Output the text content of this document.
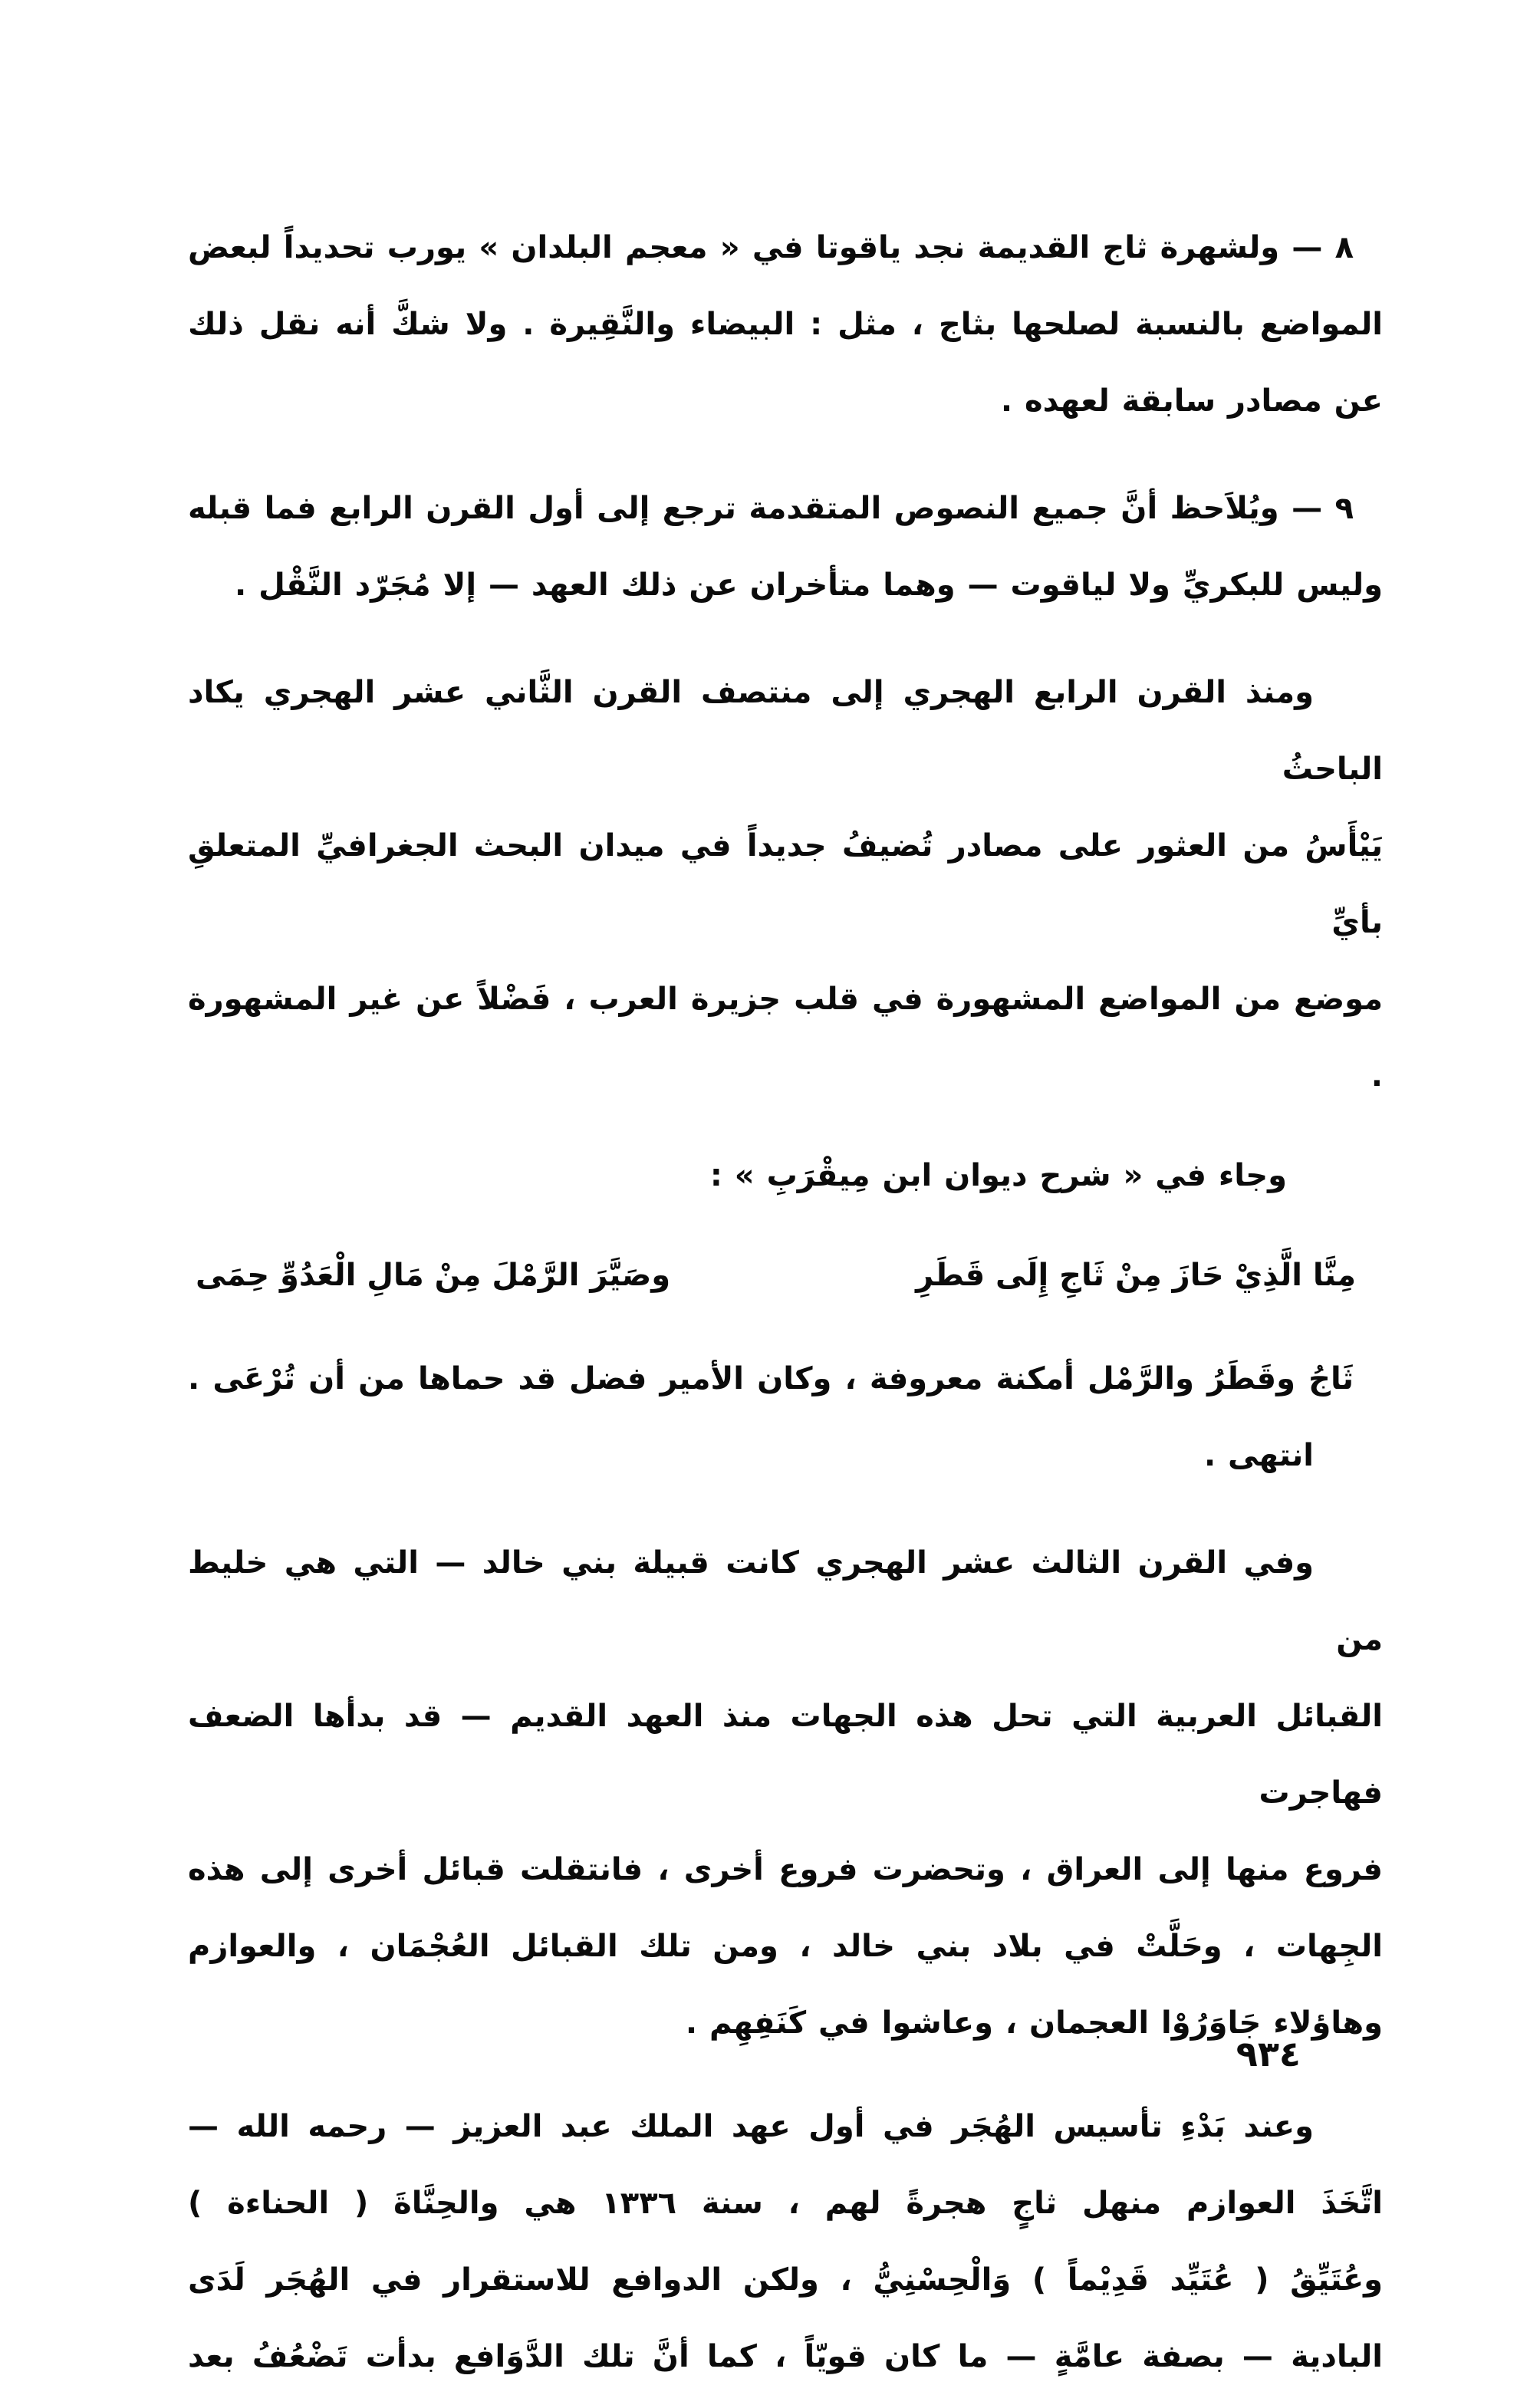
٨ — ولشهرة ثاج القديمة نجد ياقوتا في « معجم البلدان » يورب تحديداً لبعض
المواضع بالنسبة لصلحها بثاج ، مثل : البيضاء والنَّقِيرة . ولا شكَّ أنه نقل ذلك
عن مصادر سابقة لعهده .
٩ — ويُلاَحظ أنَّ جميع النصوص المتقدمة ترجع إلى أول القرن الرابع فما قبله
وليس للبكريِّ ولا لياقوت — وهما متأخران عن ذلك العهد — إلا مُجَرّد النَّقْل .
ومنذ القرن الرابع الهجري إلى منتصف القرن الثَّاني عشر الهجري يكاد الباحثُ
يَيْأَسُ من العثور على مصادر تُضيفُ جديداً في ميدان البحث الجغرافيِّ المتعلقِ بأيِّ
موضع من المواضع المشهورة في قلب جزيرة العرب ، فَضْلاً عن غير المشهورة .
وجاء في « شرح ديوان ابن مِيقْرَبِ » :
مِنَّا الَّذِيْ حَازَ مِنْ ثَاجِ إِلَى قَطَرِ
وصَيَّرَ الرَّمْلَ مِنْ مَالِ الْعَدُوِّ حِمَى
ثَاجُ وقَطَرُ والرَّمْل أمكنة معروفة ، وكان الأمير فضل قد حماها من أن تُرْعَى .
انتهى .
وفي القرن الثالث عشر الهجري كانت قبيلة بني خالد — التي هي خليط من
القبائل العربية التي تحل هذه الجهات منذ العهد القديم — قد بدأها الضعف فهاجرت
فروع منها إلى العراق ، وتحضرت فروع أخرى ، فانتقلت قبائل أخرى إلى هذه
الجِهات ، وحَلَّتْ في بلاد بني خالد ، ومن تلك القبائل العُجْمَان ، والعوازم
وهاؤلاء جَاوَرُوْا العجمان ، وعاشوا في كَنَفِهِم .
وعند بَدْءِ تأسيس الهُجَر في أول عهد الملك عبد العزيز — رحمه الله —
اتَّخَذَ العوازم منهل ثاجٍ هجرةً لهم ، سنة ١٣٣٦ هي والحِنَّاةَ ( الحناءة )
وعُتَيِّقُ ( عُتَيِّد قَدِيْماً ) وَالْحِسْنِيُّ ، ولكن الدوافع للاستقرار في الهُجَر لَدَى
البادية — بصفة عامَّةٍ — ما كان قويّاً ، كما أنَّ تلك الدَّوَافع بدأت تَضْعُفُ بعد
٩٣٤
